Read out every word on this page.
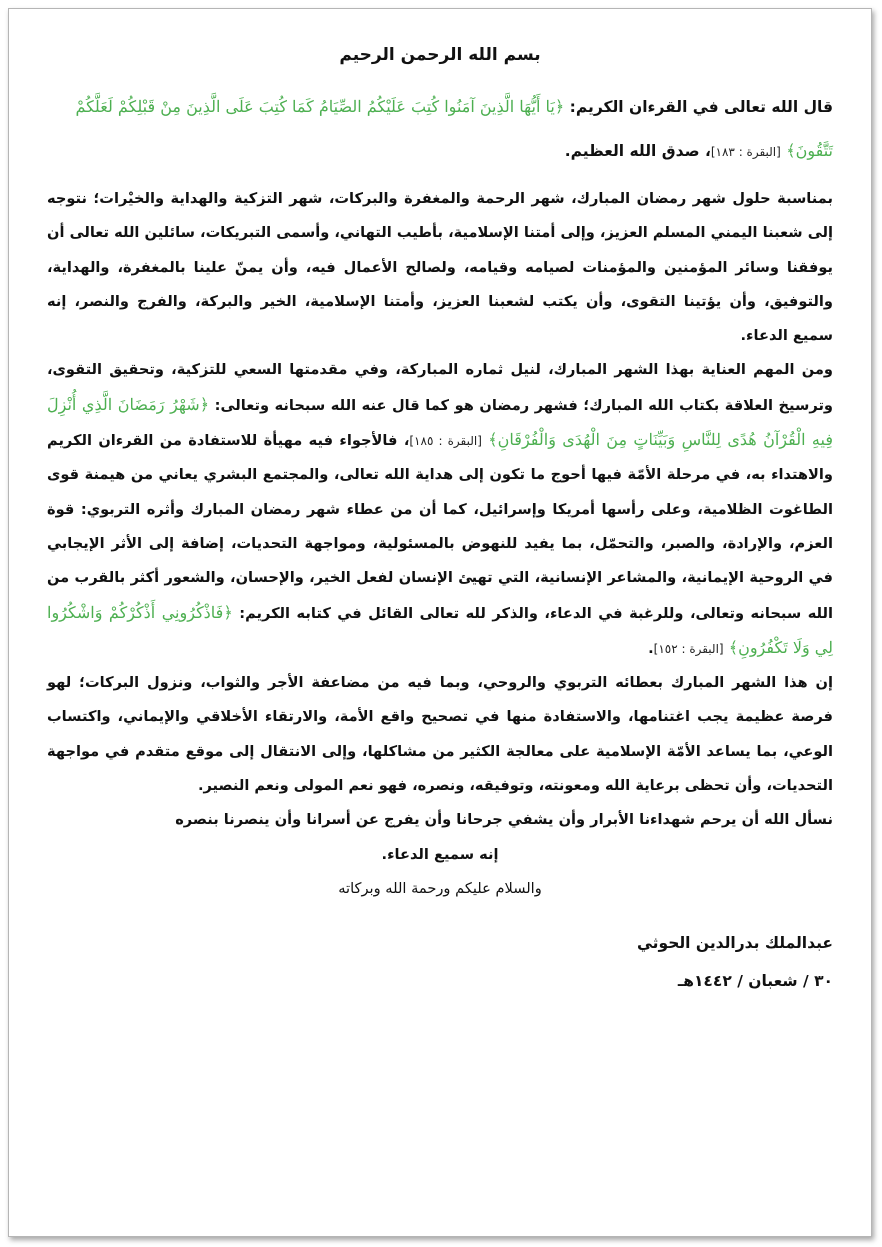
بسم الله الرحمن الرحيم
قال الله تعالى في القرءان الكريم: ﴿يَا أَيُّهَا الَّذِينَ آمَنُوا كُتِبَ عَلَيْكُمُ الصِّيَامُ كَمَا كُتِبَ عَلَى الَّذِينَ مِنْ قَبْلِكُمْ لَعَلَّكُمْ تَتَّقُونَ﴾ [البقرة : ١٨٣]، صدق الله العظيم.

بمناسبة حلول شهر رمضان المبارك، شهر الرحمة والمغفرة والبركات، شهر التزكية والهداية والخيْرات؛ نتوجه إلى شعبنا اليمني المسلم العزيز، وإلى أمتنا الإسلامية، بأطيب التهاني، وأسمى التبريكات، سائلين الله تعالى أن يوفقنا وسائر المؤمنين والمؤمنات لصيامه وقيامه، ولصالح الأعمال فيه، وأن يمنّ علينا بالمغفرة، والهداية، والتوفيق، وأن يؤتينا التقوى، وأن يكتب لشعبنا العزيز، وأمتنا الإسلامية، الخير والبركة، والفرج والنصر، إنه سميع الدعاء.

ومن المهم العناية بهذا الشهر المبارك، لنيل ثماره المباركة، وفي مقدمتها السعي للتزكية، وتحقيق التقوى، وترسيخ العلاقة بكتاب الله المبارك؛ فشهر رمضان هو كما قال عنه الله سبحانه وتعالى: ﴿شَهْرُ رَمَضَانَ الَّذِي أُنْزِلَ فِيهِ الْقُرْآنُ هُدًى لِلنَّاسِ وَبَيِّنَاتٍ مِنَ الْهُدَى وَالْفُرْقَانِ﴾ [البقرة : ١٨٥]، فالأجواء فيه مهيأة للاستفادة من القرءان الكريم والاهتداء به، في مرحلة الأمّة فيها أحوج ما تكون إلى هداية الله تعالى، والمجتمع البشري يعاني من هيمنة قوى الطاغوت الظلامية، وعلى رأسها أمريكا وإسرائيل، كما أن من عطاء شهر رمضان المبارك وأثره التربوي: قوة العزم، والإرادة، والصبر، والتحمّل، بما يفيد للنهوض بالمسئولية، ومواجهة التحديات، إضافة إلى الأثر الإيجابي في الروحية الإيمانية، والمشاعر الإنسانية، التي تهيئ الإنسان لفعل الخير، والإحسان، والشعور أكثر بالقرب من الله سبحانه وتعالى، وللرغبة في الدعاء، والذكر لله تعالى القائل في كتابه الكريم: ﴿فَاذْكُرُونِي أَذْكُرْكُمْ وَاشْكُرُوا لِي وَلَا تَكْفُرُونِ﴾ [البقرة : ١٥٢].

إن هذا الشهر المبارك بعطائه التربوي والروحي، وبما فيه من مضاعفة الأجر والثواب، ونزول البركات؛ لهو فرصة عظيمة يجب اغتنامها، والاستفادة منها في تصحيح واقع الأمة، والارتقاء الأخلاقي والإيماني، واكتساب الوعي، بما يساعد الأمّة الإسلامية على معالجة الكثير من مشاكلها، وإلى الانتقال إلى موقع متقدم في مواجهة التحديات، وأن تحظى برعاية الله ومعونته، وتوفيقه، ونصره، فهو نعم المولى ونعم النصير.

نسأل الله أن يرحم شهداءنا الأبرار وأن يشفي جرحانا وأن يفرج عن أسرانا وأن ينصرنا بنصره

إنه سميع الدعاء.
والسلام عليكم ورحمة الله وبركاته
عبدالملك بدرالدين الحوثي
٣٠ / شعبان / ١٤٤٢هـ
